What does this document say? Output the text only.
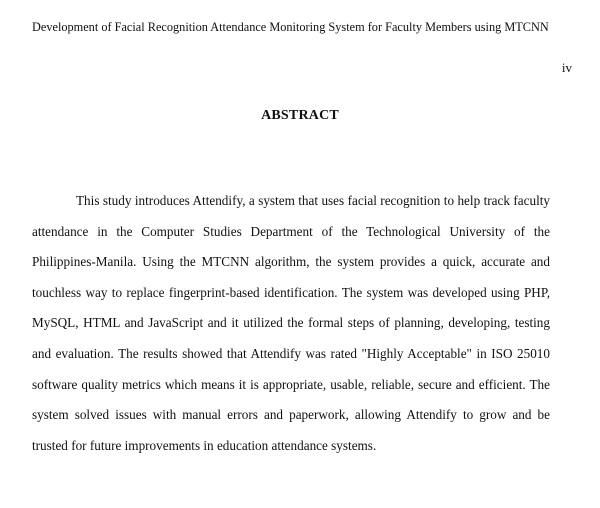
Development of Facial Recognition Attendance Monitoring System for Faculty Members using MTCNN
iv
ABSTRACT

This study introduces Attendify, a system that uses facial recognition to help track faculty attendance in the Computer Studies Department of the Technological University of the Philippines-Manila. Using the MTCNN algorithm, the system provides a quick, accurate and touchless way to replace fingerprint-based identification. The system was developed using PHP, MySQL, HTML and JavaScript and it utilized the formal steps of planning, developing, testing and evaluation. The results showed that Attendify was rated "Highly Acceptable" in ISO 25010 software quality metrics which means it is appropriate, usable, reliable, secure and efficient. The system solved issues with manual errors and paperwork, allowing Attendify to grow and be trusted for future improvements in education attendance systems.
